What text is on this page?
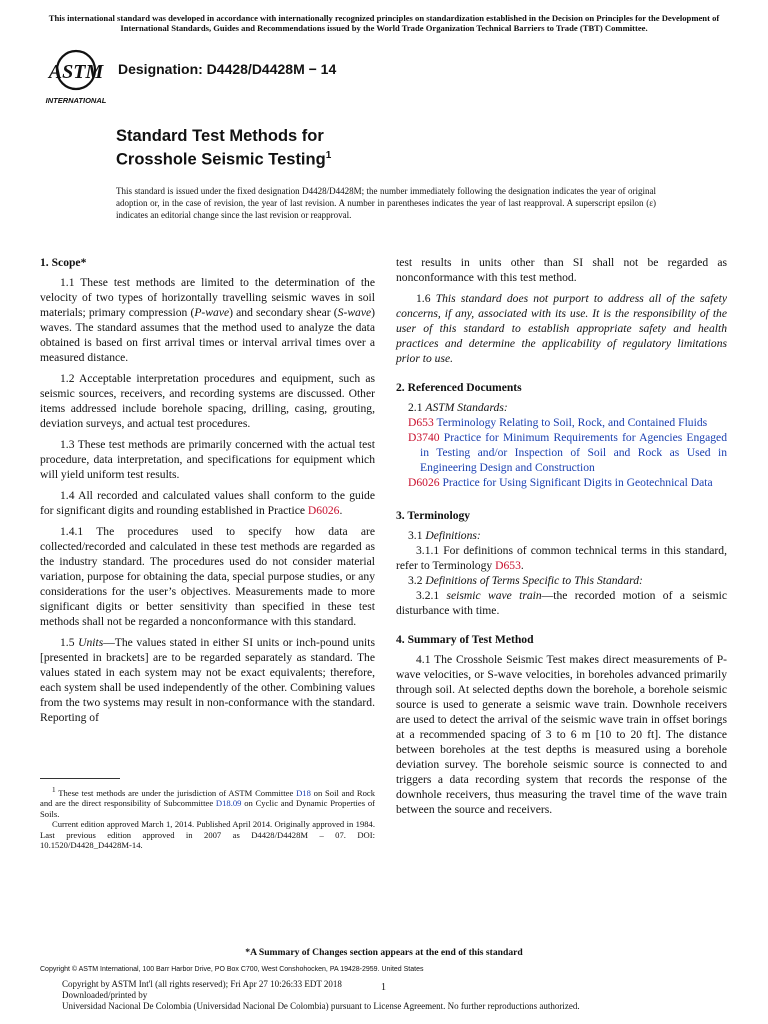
This international standard was developed in accordance with internationally recognized principles on standardization established in the Decision on Principles for the Development of International Standards, Guides and Recommendations issued by the World Trade Organization Technical Barriers to Trade (TBT) Committee.
ASTM
INTERNATIONAL
Designation: D4428/D4428M − 14
Standard Test Methods for
Crosshole Seismic Testing$^1$
This standard is issued under the fixed designation D4428/D4428M; the number immediately following the designation indicates the year of original adoption or, in the case of revision, the year of last revision. A number in parentheses indicates the year of last reapproval. A superscript epsilon (ε) indicates an editorial change since the last revision or reapproval.
1. Scope*

1.1 These test methods are limited to the determination of the velocity of two types of horizontally travelling seismic waves in soil materials; primary compression (P-wave) and secondary shear (S-wave) waves. The standard assumes that the method used to analyze the data obtained is based on first arrival times or interval arrival times over a measured distance.

1.2 Acceptable interpretation procedures and equipment, such as seismic sources, receivers, and recording systems are discussed. Other items addressed include borehole spacing, drilling, casing, grouting, deviation surveys, and actual test procedures.

1.3 These test methods are primarily concerned with the actual test procedure, data interpretation, and specifications for equipment which will yield uniform test results.

1.4 All recorded and calculated values shall conform to the guide for significant digits and rounding established in Practice D6026.

1.4.1 The procedures used to specify how data are collected/recorded and calculated in these test methods are regarded as the industry standard. The procedures used do not consider material variation, purpose for obtaining the data, special purpose studies, or any considerations for the user’s objectives. Measurements made to more significant digits or better sensitivity than specified in these test methods shall not be regarded a nonconformance with this standard.

1.5 Units—The values stated in either SI units or inch-pound units [presented in brackets] are to be regarded separately as standard. The values stated in each system may not be exact equivalents; therefore, each system shall be used independently of the other. Combining values from the two systems may result in non-conformance with the standard. Reporting of

test results in units other than SI shall not be regarded as nonconformance with this test method.

1.6 This standard does not purport to address all of the safety concerns, if any, associated with its use. It is the responsibility of the user of this standard to establish appropriate safety and health practices and determine the applicability of regulatory limitations prior to use.

2. Referenced Documents
2.1 ASTM Standards:
D653 Terminology Relating to Soil, Rock, and Contained Fluids
D3740 Practice for Minimum Requirements for Agencies Engaged in Testing and/or Inspection of Soil and Rock as Used in Engineering Design and Construction
D6026 Practice for Using Significant Digits in Geotechnical Data
3. Terminology
3.1 Definitions:

3.1.1 For definitions of common technical terms in this standard, refer to Terminology D653.

3.2 Definitions of Terms Specific to This Standard:

3.2.1 seismic wave train—the recorded motion of a seismic disturbance with time.

4. Summary of Test Method

4.1 The Crosshole Seismic Test makes direct measurements of P-wave velocities, or S-wave velocities, in boreholes advanced primarily through soil. At selected depths down the borehole, a borehole seismic source is used to generate a seismic wave train. Downhole receivers are used to detect the arrival of the seismic wave train in offset borings at a recommended spacing of 3 to 6 m [10 to 20 ft]. The distance between boreholes at the test depths is measured using a borehole deviation survey. The borehole seismic source is connected to and triggers a data recording system that records the response of the downhole receivers, thus measuring the travel time of the wave train between the source and receivers.

$^1$ These test methods are under the jurisdiction of ASTM Committee D18 on Soil and Rock and are the direct responsibility of Subcommittee D18.09 on Cyclic and Dynamic Properties of Soils.

Current edition approved March 1, 2014. Published April 2014. Originally approved in 1984. Last previous edition approved in 2007 as D4428/D4428M – 07. DOI: 10.1520/D4428_D4428M-14.

*A Summary of Changes section appears at the end of this standard
Copyright © ASTM International, 100 Barr Harbor Drive, PO Box C700, West Conshohocken, PA 19428-2959. United States
Copyright by ASTM Int'l (all rights reserved); Fri Apr 27 10:26:33 EDT 2018
Downloaded/printed by
Universidad Nacional De Colombia (Universidad Nacional De Colombia) pursuant to License Agreement. No further reproductions authorized.
1
